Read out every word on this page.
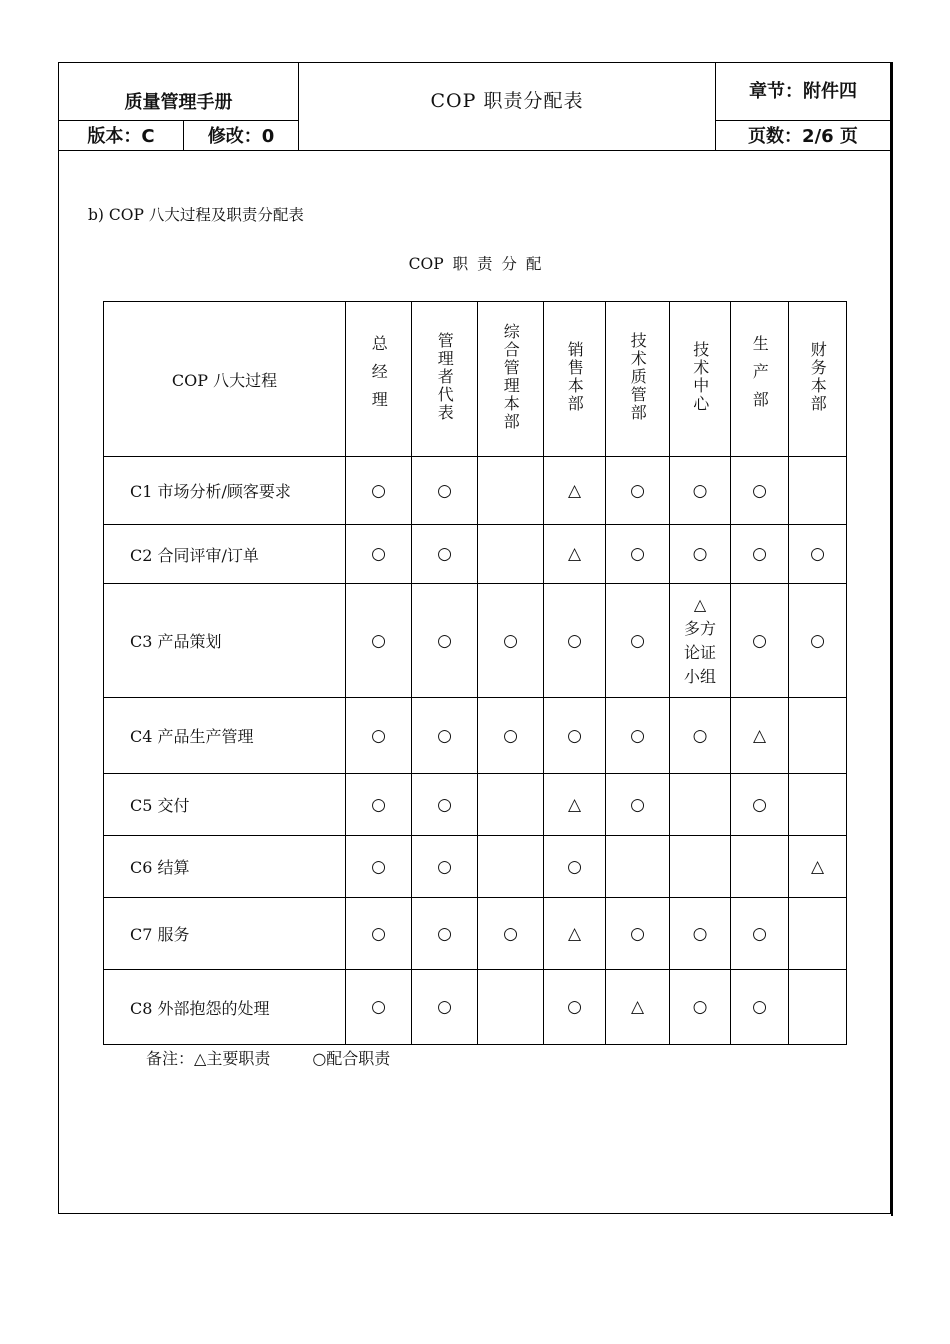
质量管理手册	COP 职责分配表	章节：附件四
版本：C	修改：0	页数：2/6 页
b) COP 八大过程及职责分配表
COP 职 责 分 配
COP 八大过程	总经理	管理者代表	综合管理本部	销售本部	技术质管部	技术中心	生产部	财务本部
C1 市场分析/顾客要求	○	○		△	○	○	○	
C2 合同评审/订单	○	○		△	○	○	○	○
C3 产品策划	○	○	○	○	○	△
多方
论证
小组	○	○
C4 产品生产管理	○	○	○	○	○	○	△	
C5 交付	○	○		△	○		○	
C6 结算	○	○		○				△
C7 服务	○	○	○	△	○	○	○	
C8 外部抱怨的处理	○	○		○	△	○	○	
备注：△主要职责	○配合职责
